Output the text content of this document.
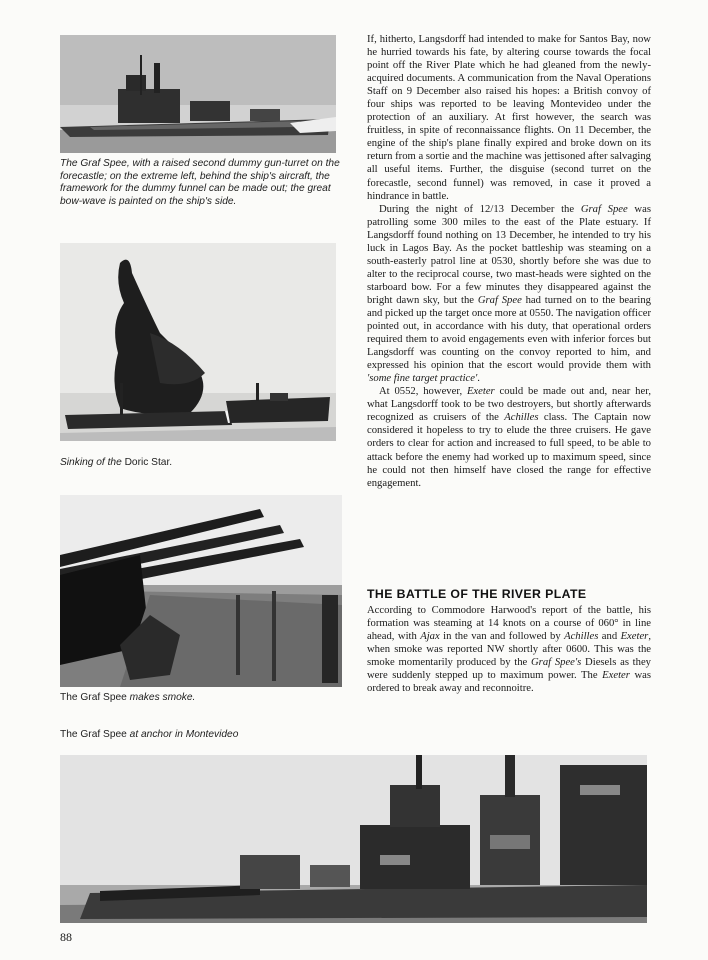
The Graf Spee, with a raised second dummy gun-turret on the forecastle; on the extreme left, behind the ship's aircraft, the framework for the dummy funnel can be made out; the great bow-wave is painted on the ship's side.
Sinking of the Doric Star.
The Graf Spee makes smoke.
The Graf Spee at anchor in Montevideo

If, hitherto, Langsdorff had intended to make for Santos Bay, now he hurried towards his fate, by altering course towards the focal point off the River Plate which he had gleaned from the newly-acquired documents. A communication from the Naval Operations Staff on 9 December also raised his hopes: a British convoy of four ships was reported to be leaving Montevideo under the protection of an auxiliary. At first however, the search was fruitless, in spite of reconnaissance flights. On 11 December, the engine of the ship's plane finally expired and broke down on its return from a sortie and the machine was jettisoned after salvaging all useful items. Further, the disguise (second turret on the forecastle, second funnel) was removed, in case it proved a hindrance in battle.

During the night of 12/13 December the Graf Spee was patrolling some 300 miles to the east of the Plate estuary. If Langsdorff found nothing on 13 December, he intended to try his luck in Lagos Bay. As the pocket battleship was steaming on a south-easterly patrol line at 0530, shortly before she was due to alter to the reciprocal course, two mast-heads were sighted on the starboard bow. For a few minutes they disappeared against the bright dawn sky, but the Graf Spee had turned on to the bearing and picked up the target once more at 0550. The navigation officer pointed out, in accordance with his duty, that operational orders required them to avoid engagements even with inferior forces but Langsdorff was counting on the convoy reported to him, and expressed his opinion that the escort would provide them with 'some fine target practice'.

At 0552, however, Exeter could be made out and, near her, what Langsdorff took to be two destroyers, but shortly afterwards recognized as cruisers of the Achilles class. The Captain now considered it hopeless to try to elude the three cruisers. He gave orders to clear for action and increased to full speed, to be able to attack before the enemy had worked up to maximum speed, since he could not then himself have closed the range for effective engagement.

THE BATTLE OF THE RIVER PLATE

According to Commodore Harwood's report of the battle, his formation was steaming at 14 knots on a course of 060° in line ahead, with Ajax in the van and followed by Achilles and Exeter, when smoke was reported NW shortly after 0600. This was the smoke momentarily produced by the Graf Spee's Diesels as they were suddenly stepped up to maximum power. The Exeter was ordered to break away and reconnoitre.

88
